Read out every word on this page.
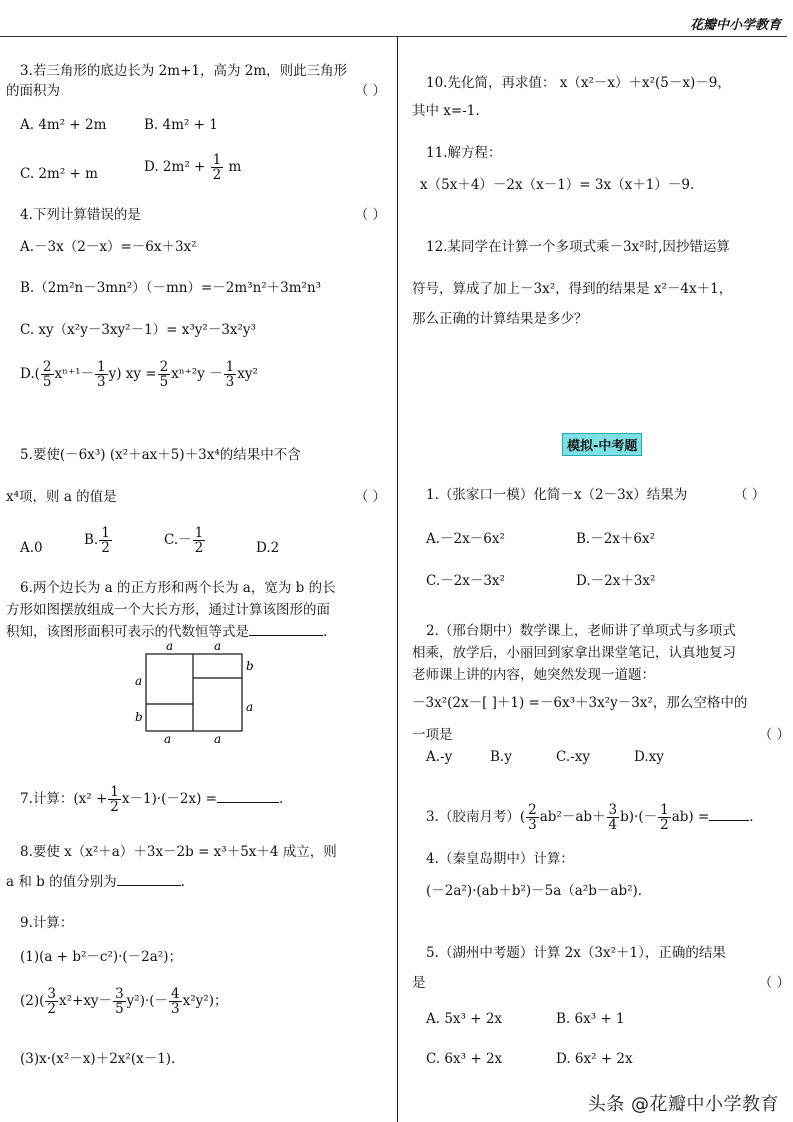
花瓣中小学教育
3.若三角形的底边长为 2m+1，高为 2m，则此三角形
的面积为	（ ）
A. 4m² + 2m	B. 4m² + 1
C. 2m² + m	D. $2m^2 + \frac{1}{2}$ m
4.下列计算错误的是	（ ）
A.－3x（2－x）=－6x＋3x²
B.（2m²n－3mn²）（－mn）=－2m³n²＋3m²n³
C. xy（x²y－3xy²－1）= x³y²－3x²y³
$D.( \frac{2}{5} x^{n+1}- \frac{1}{3} y)$ xy = $\frac{2}{5} x^{n+2}y - \frac{1}{3} xy^2$
5.要使(－6x³) (x²＋ax＋5)＋3x⁴的结果中不含
x⁴项，则 a 的值是	（ ）
A.0	B. $\frac{1}{2}$	$C.- \frac{1}{2}$	D.2
6.两个边长为 a 的正方形和两个长为 a，宽为 b 的长
方形如图摆放组成一个大长方形，通过计算该图形的面
积知，该图形面积可表示的代数恒等式是	.
a	a
b
a
a
b
a	a
7.计算：$(x^2 + \frac{1}{2} x-1)\cdot(-2x)$ =	.
8.要使 x（x²＋a）＋3x－2b = x³＋5x＋4 成立，则
a 和 b 的值分别为	.
9.计算：
(1)(a + b²－c²)·(－2a²)；
$(2)( \frac{3}{2} x^2+xy- \frac{3}{5} y^2)\cdot(- \frac{4}{3} x^2y^2)$；
(3)x·(x²－x)＋2x²(x－1).
10.先化简，再求值： x（x²－x）＋x²(5－x)－9，
其中 x=-1.
11.解方程：
x（5x＋4）－2x（x－1）= 3x（x＋1）－9.
12.某同学在计算一个多项式乘－3x²时,因抄错运算
符号，算成了加上－3x²，得到的结果是 x²－4x＋1，
那么正确的计算结果是多少？
模拟-中考题
1.（张家口一模）化简－x（2－3x）结果为	（ ）
A.－2x－6x²	B.－2x＋6x²
C.－2x－3x²	D.－2x＋3x²
2.（邢台期中）数学课上，老师讲了单项式与多项式
相乘，放学后，小丽回到家拿出课堂笔记，认真地复习
老师课上讲的内容，她突然发现一道题：
－3x²(2x－[ ]＋1) =－6x³＋3x²y－3x²，那么空格中的
一项是	（ ）
A.-y	B.y	C.-xy	D.xy
3.（胶南月考）( $\frac{2}{3} ab^2-ab+ \frac{3}{4} b)\cdot(- \frac{1}{2} ab)$ =	.
4.（秦皇岛期中）计算：
(－2a²)·(ab＋b²)－5a（a²b－ab²).
5.（湖州中考题）计算 2x（3x²＋1），正确的结果
是	（ ）
A. 5x³ + 2x	B. 6x³ + 1
C. 6x³ + 2x	D. 6x² + 2x
头条 @花瓣中小学教育
